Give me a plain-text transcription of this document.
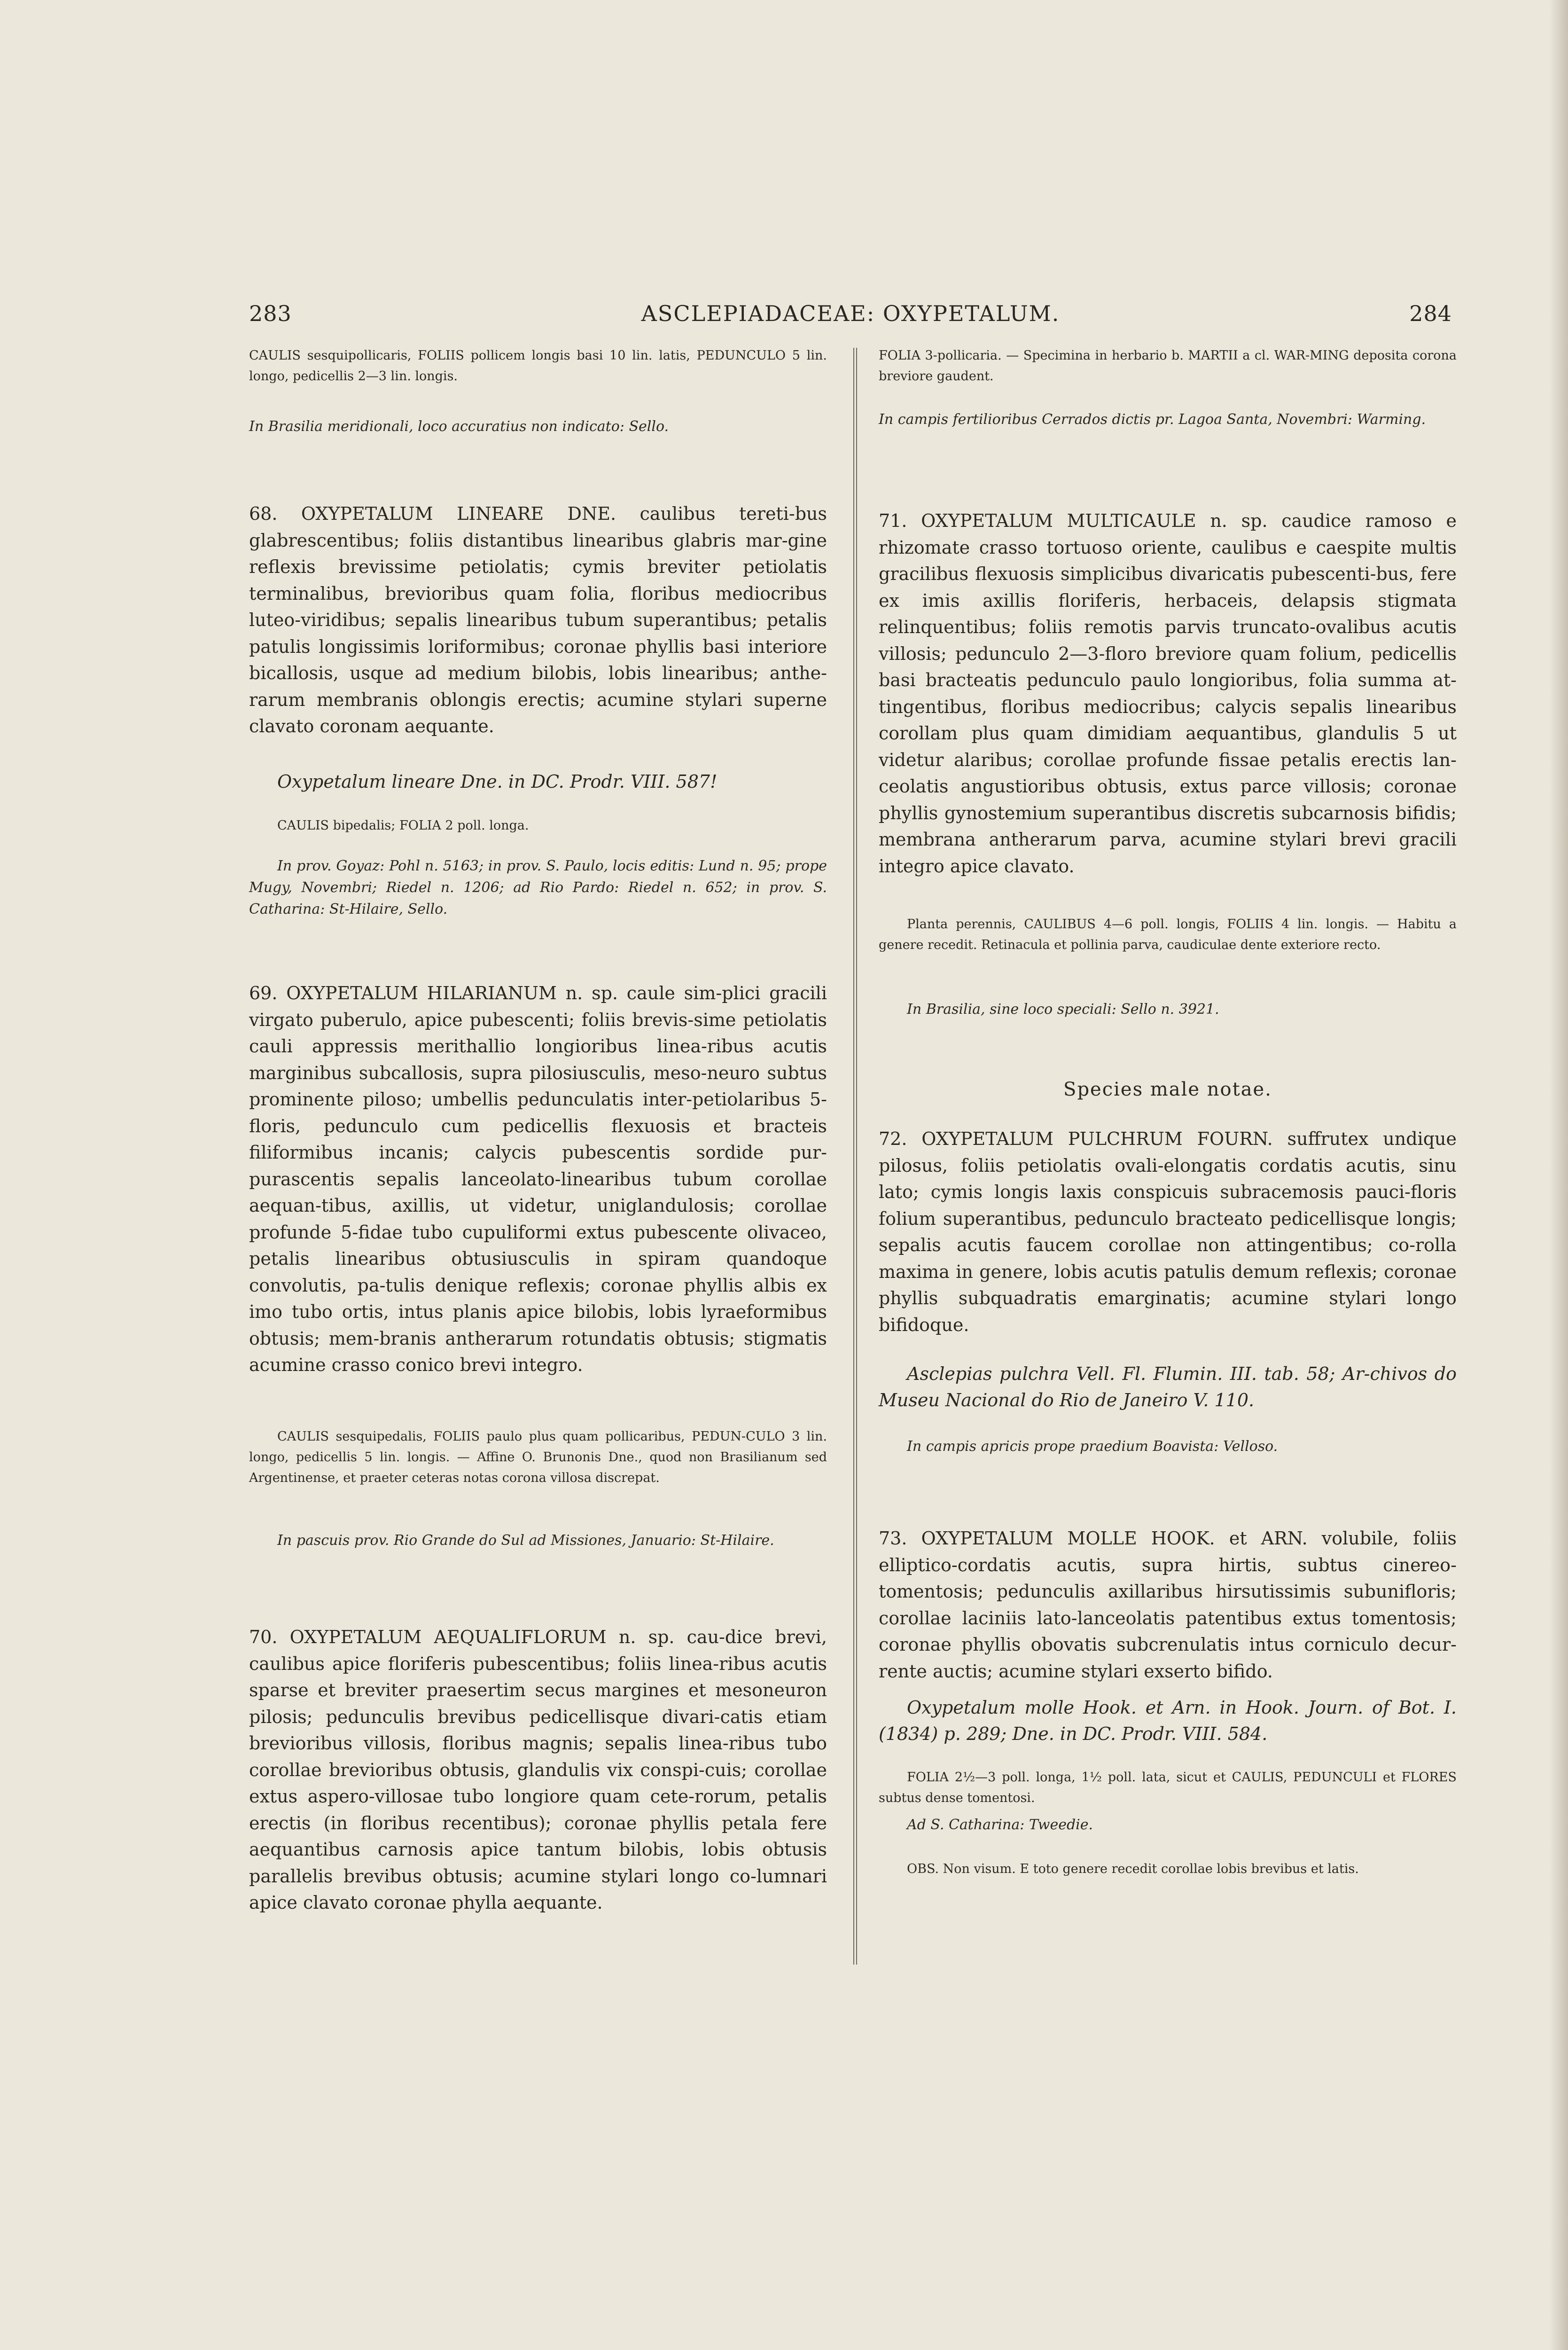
283	ASCLEPIADACEAE: OXYPETALUM.	284

CAULIS sesquipollicaris, FOLIIS pollicem longis basi 10 lin. latis, PEDUNCULO 5 lin. longo, pedicellis 2—3 lin. longis.

In Brasilia meridionali, loco accuratius non indicato: Sello.

68. OXYPETALUM LINEARE DNE. caulibus tereti-bus glabrescentibus; foliis distantibus linearibus glabris mar-gine reflexis brevissime petiolatis; cymis breviter petiolatis terminalibus, brevioribus quam folia, floribus mediocribus luteo-viridibus; sepalis linearibus tubum superantibus; petalis patulis longissimis loriformibus; coronae phyllis basi interiore bicallosis, usque ad medium bilobis, lobis linearibus; anthe-rarum membranis oblongis erectis; acumine stylari superne clavato coronam aequante.

Oxypetalum lineare Dne. in DC. Prodr. VIII. 587!

CAULIS bipedalis; FOLIA 2 poll. longa.

In prov. Goyaz: Pohl n. 5163; in prov. S. Paulo, locis editis: Lund n. 95; prope Mugy, Novembri; Riedel n. 1206; ad Rio Pardo: Riedel n. 652; in prov. S. Catharina: St-Hilaire, Sello.

69. OXYPETALUM HILARIANUM n. sp. caule sim-plici gracili virgato puberulo, apice pubescenti; foliis brevis-sime petiolatis cauli appressis merithallio longioribus linea-ribus acutis marginibus subcallosis, supra pilosiusculis, meso-neuro subtus prominente piloso; umbellis pedunculatis inter-petiolaribus 5-floris, pedunculo cum pedicellis flexuosis et bracteis filiformibus incanis; calycis pubescentis sordide pur-purascentis sepalis lanceolato-linearibus tubum corollae aequan-tibus, axillis, ut videtur, uniglandulosis; corollae profunde 5-fidae tubo cupuliformi extus pubescente olivaceo, petalis linearibus obtusiusculis in spiram quandoque convolutis, pa-tulis denique reflexis; coronae phyllis albis ex imo tubo ortis, intus planis apice bilobis, lobis lyraeformibus obtusis; mem-branis antherarum rotundatis obtusis; stigmatis acumine crasso conico brevi integro.

CAULIS sesquipedalis, FOLIIS paulo plus quam pollicaribus, PEDUN-CULO 3 lin. longo, pedicellis 5 lin. longis. — Affine O. Brunonis Dne., quod non Brasilianum sed Argentinense, et praeter ceteras notas corona villosa discrepat.

In pascuis prov. Rio Grande do Sul ad Missiones, Januario: St-Hilaire.

70. OXYPETALUM AEQUALIFLORUM n. sp. cau-dice brevi, caulibus apice floriferis pubescentibus; foliis linea-ribus acutis sparse et breviter praesertim secus margines et mesoneuron pilosis; pedunculis brevibus pedicellisque divari-catis etiam brevioribus villosis, floribus magnis; sepalis linea-ribus tubo corollae brevioribus obtusis, glandulis vix conspi-cuis; corollae extus aspero-villosae tubo longiore quam cete-rorum, petalis erectis (in floribus recentibus); coronae phyllis petala fere aequantibus carnosis apice tantum bilobis, lobis obtusis parallelis brevibus obtusis; acumine stylari longo co-lumnari apice clavato coronae phylla aequante.

FOLIA 3-pollicaria. — Specimina in herbario b. MARTII a cl. WAR-MING deposita corona breviore gaudent.

In campis fertilioribus Cerrados dictis pr. Lagoa Santa, Novembri: Warming.

71. OXYPETALUM MULTICAULE n. sp. caudice ramoso e rhizomate crasso tortuoso oriente, caulibus e caespite multis gracilibus flexuosis simplicibus divaricatis pubescenti-bus, fere ex imis axillis floriferis, herbaceis, delapsis stigmata relinquentibus; foliis remotis parvis truncato-ovalibus acutis villosis; pedunculo 2—3-floro breviore quam folium, pedicellis basi bracteatis pedunculo paulo longioribus, folia summa at-tingentibus, floribus mediocribus; calycis sepalis linearibus corollam plus quam dimidiam aequantibus, glandulis 5 ut videtur alaribus; corollae profunde fissae petalis erectis lan-ceolatis angustioribus obtusis, extus parce villosis; coronae phyllis gynostemium superantibus discretis subcarnosis bifidis; membrana antherarum parva, acumine stylari brevi gracili integro apice clavato.

Planta perennis, CAULIBUS 4—6 poll. longis, FOLIIS 4 lin. longis. — Habitu a genere recedit. Retinacula et pollinia parva, caudiculae dente exteriore recto.

In Brasilia, sine loco speciali: Sello n. 3921.

Species male notae.

72. OXYPETALUM PULCHRUM FOURN. suffrutex undique pilosus, foliis petiolatis ovali-elongatis cordatis acutis, sinu lato; cymis longis laxis conspicuis subracemosis pauci-floris folium superantibus, pedunculo bracteato pedicellisque longis; sepalis acutis faucem corollae non attingentibus; co-rolla maxima in genere, lobis acutis patulis demum reflexis; coronae phyllis subquadratis emarginatis; acumine stylari longo bifidoque.

Asclepias pulchra Vell. Fl. Flumin. III. tab. 58; Ar-chivos do Museu Nacional do Rio de Janeiro V. 110.

In campis apricis prope praedium Boavista: Velloso.

73. OXYPETALUM MOLLE HOOK. et ARN. volubile, foliis elliptico-cordatis acutis, supra hirtis, subtus cinereo-tomentosis; pedunculis axillaribus hirsutissimis subunifloris; corollae laciniis lato-lanceolatis patentibus extus tomentosis; coronae phyllis obovatis subcrenulatis intus corniculo decur-rente auctis; acumine stylari exserto bifido.

Oxypetalum molle Hook. et Arn. in Hook. Journ. of Bot. I. (1834) p. 289; Dne. in DC. Prodr. VIII. 584.

FOLIA 2½—3 poll. longa, 1½ poll. lata, sicut et CAULIS, PEDUNCULI et FLORES subtus dense tomentosi.

Ad S. Catharina: Tweedie.

OBS. Non visum. E toto genere recedit corollae lobis brevibus et latis.
